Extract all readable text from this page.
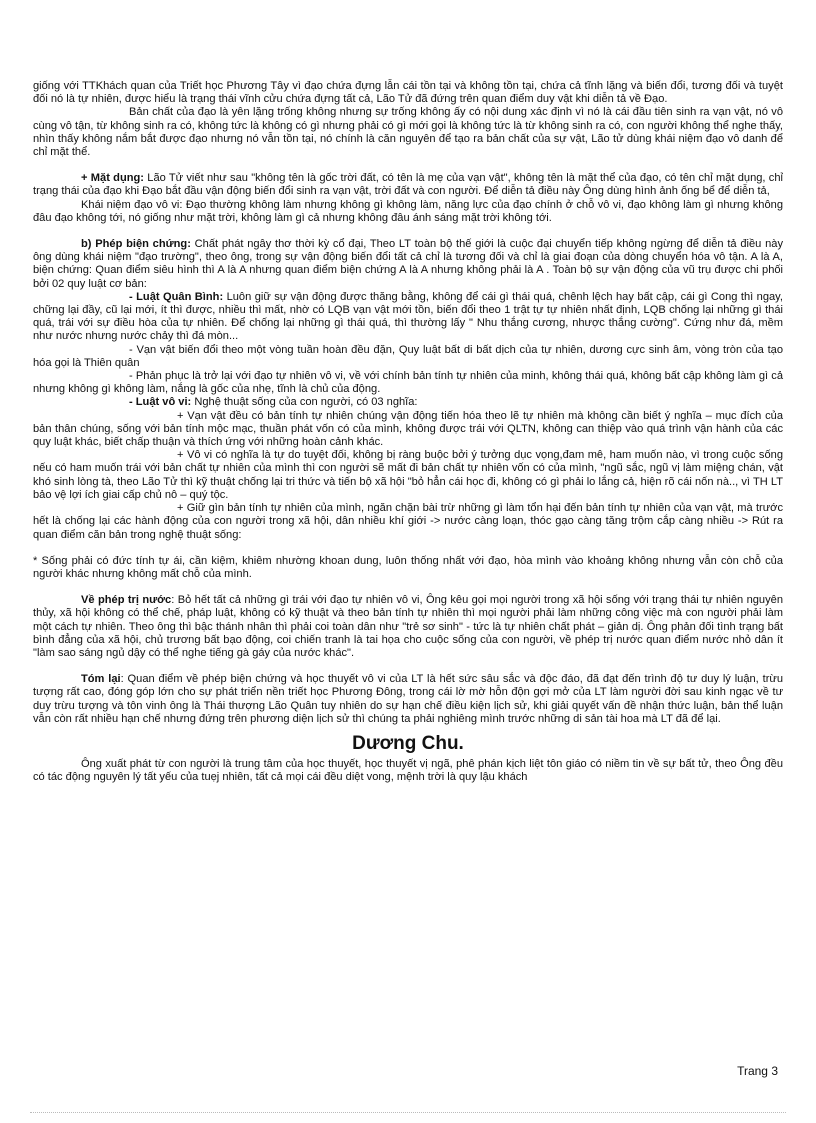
giống với TTKhách quan của Triết học Phương Tây vì đạo chứa đựng lẫn cái tồn tại và không tồn tại, chứa cả tĩnh lặng và biến đổi, tương đối và tuyệt đối nó là tự nhiên, được hiểu là trạng thái vĩnh cửu chứa đựng tất cả, Lão Tử đã đứng trên quan điểm duy vật khi diễn tả về Đạo.

Bản chất của đạo là yên lặng trống không nhưng sự trống không ấy có nội dung xác định vì nó là cái đầu tiên sinh ra vạn vật, nó vô cùng vô tận, từ không sinh ra có, không tức là không có gì nhưng phải có gì mới gọi là không tức là từ không sinh ra có, con người không thể nghe thấy, nhìn thấy không nắm bắt được đạo nhưng nó vẫn tồn tại, nó chính là căn nguyên để tạo ra bản chất của sự vật, Lão tử dùng khái niệm đạo vô danh để chỉ mặt thể.

+ Mặt dụng: Lão Tử viết như sau "không tên là gốc trời đất, có tên là mẹ của vạn vật", không tên là mặt thể của đạo, có tên chỉ mặt dụng, chỉ trạng thái của đạo khi Đạo bắt đầu vận động biến đổi sinh ra vạn vật, trời đất và con người. Để diễn tả điều này Ông dùng hình ảnh ống bể để diễn tả,

Khái niệm đạo vô vi: Đạo thường không làm nhưng không gì không làm, năng lực của đạo chính ở chỗ vô vi, đạo không làm gì nhưng không đâu đạo không tới, nó giống như mặt trời, không làm gì cả nhưng không đâu ánh sáng mặt trời không tới.

b) Phép biện chứng: Chất phát ngây thơ thời kỳ cổ đại, Theo LT toàn bộ thế giới là cuộc đại chuyển tiếp không ngừng để diễn tả điều này ông dùng khái niệm "đạo trường", theo ông, trong sự vận động biến đổi tất cả chỉ là tương đối và chỉ là giai đoạn của dòng chuyển hóa vô tận. A là A, biện chứng: Quan điểm siêu hình thì A là A nhưng quan điểm biện chứng A là A nhưng không phải là A . Toàn bộ sự vận động của vũ trụ được chi phối bởi 02 quy luật cơ bản:

- Luật Quân Bình: Luôn giữ sự vận động được thăng bằng, không để cái gì thái quá, chênh lệch hay bất cập, cái gì Cong thì ngay, chững lại đầy, cũ lại mới, ít thì được, nhiều thì mất, nhờ có LQB vạn vật mới tồn, biến đổi theo 1 trật tự tự nhiên nhất định, LQB chống lại những gì thái quá, trái với sự điều hòa của tự nhiên. Để chống lại những gì thái quá, thì thường lấy " Nhu thắng cương, nhược thắng cường". Cứng như đá, mềm như nước nhưng nước chảy thì đá mòn...

- Vạn vật biến đổi theo một vòng tuần hoàn đều đặn, Quy luật bất di bất dịch của tự nhiên, dương cực sinh âm, vòng tròn của tạo hóa gọi là Thiên quân

- Phản phục là trở lại với đạo tự nhiên vô vi, về với chính bản tính tự nhiên của minh, không thái quá, không bất cập không làm gì cả nhưng không gì không làm, nắng là gốc của nhẹ, tĩnh là chủ của động.

- Luật vô vi: Nghệ thuật sống của con người, có 03 nghĩa:

+ Vạn vật đều có bản tính tự nhiên chúng vận động tiến hóa theo lẽ tự nhiên mà không cần biết ý nghĩa – mục đích của bản thân chúng, sống với bản tính mộc mạc, thuần phát vốn có của mình, không được trái với QLTN, không can thiệp vào quá trình vận hành của các quy luật khác, biết chấp thuận và thích ứng với những hoàn cảnh khác.

+ Vô vi có nghĩa là tự do tuyệt đối, không bị ràng buộc bởi ý tưởng dục vọng,đam mê, ham muốn nào, vì trong cuộc sống nếu có ham muốn trái với bản chất tự nhiên của mình thì con người sẽ mất đi bản chất tự nhiên vốn có của mình, "ngũ sắc, ngũ vị làm miệng chán, vật khó sinh lòng tà, theo Lão Tử thì kỹ thuật chống lại tri thức và tiến bộ xã hội "bỏ hẳn cái học đi, không có gì phải lo lắng cả, hiện rõ cái nốn nà.., vì TH LT bảo vệ lợi ích giai cấp chủ nô – quý tộc.

+ Giữ gìn bản tính tự nhiên của mình, ngăn chặn bài trừ những gì làm tổn hại đến bản tính tự nhiên của vạn vật, mà trước hết là chống lại các hành động của con người trong xã hội, dân nhiều khí giới -> nước càng loạn, thóc gạo càng tăng trộm cắp càng nhiều -> Rút ra quan điểm căn bản trong nghệ thuật sống:

* Sống phải có đức tính tự ái, cần kiệm, khiêm nhường khoan dung, luôn thống nhất với đạo, hòa mình vào khoảng không nhưng vẫn còn chỗ của người khác nhưng không mất chỗ của mình.

Về phép trị nước: Bỏ hết tất cả những gì trái với đạo tự nhiên vô vi, Ông kêu gọi mọi người trong xã hội sống với trạng thái tự nhiên nguyên thủy, xã hội không có thể chế, pháp luật, không có kỹ thuật và theo bản tính tự nhiên thì mọi người phải làm những công việc mà con người phải làm một cách tự nhiên. Theo ông thì bậc thánh nhân thì phải coi toàn dân như "trẻ sơ sinh" - tức là tự nhiên chất phát – giản dị. Ông phản đối tình trạng bất bình đẳng của xã hội, chủ trương bất bạo động, coi chiến tranh là tai họa cho cuộc sống của con người, về phép trị nước quan điểm nước nhỏ dân ít "làm sao sáng ngủ dậy có thể nghe tiếng gà gáy của nước khác".

Tóm lại: Quan điểm về phép biện chứng và học thuyết vô vi của LT là hết sức sâu sắc và độc đáo, đã đạt đến trình độ tư duy lý luận, trừu tượng rất cao, đóng góp lớn cho sự phát triển nền triết học Phương Đông, trong cái lờ mờ hỗn độn gợi mở của LT làm người đời sau kinh ngạc về tư duy trừu tượng và tôn vinh ông là Thái thượng Lão Quân tuy nhiên do sự hạn chế điều kiện lịch sử, khi giải quyết vấn đề nhận thức luận, bản thể luận vẫn còn rất nhiều hạn chế nhưng đứng trên phương diện lịch sử thì chúng ta phải nghiêng mình trước những di sản tài hoa mà LT đã để lại.

Dương Chu.

Ông xuất phát từ con người là trung tâm của học thuyết, học thuyết vị ngã, phê phán kịch liệt tôn giáo có niềm tin về sự bất tử, theo Ông đều có tác động nguyên lý tất yếu của tuẹj nhiên, tất cả mọi cái đều diệt vong, mệnh trời là quy lậu khách

Trang 3
